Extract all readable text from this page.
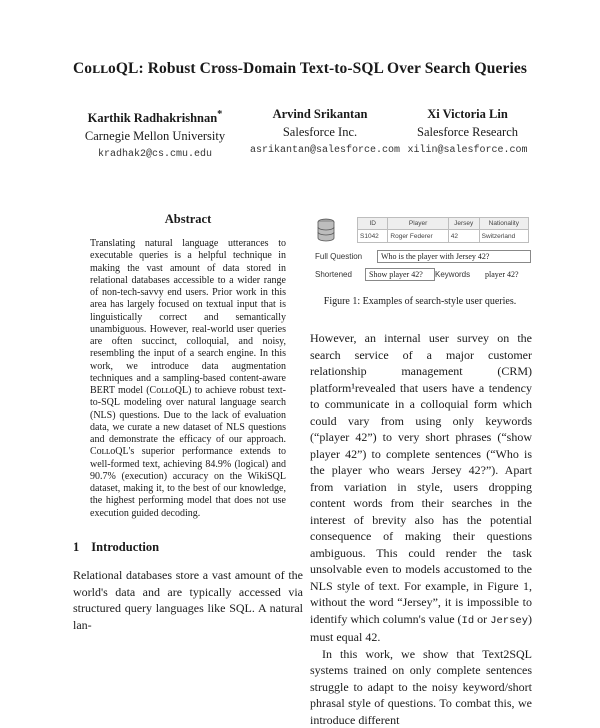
CᴏʟʟᴏQL: Robust Cross-Domain Text-to-SQL Over Search Queries
Karthik Radhakrishnan*
Carnegie Mellon University
kradhak2@cs.cmu.edu
Arvind Srikantan
Salesforce Inc.
asrikantan@salesforce.com
Xi Victoria Lin
Salesforce Research
xilin@salesforce.com
Abstract
Translating natural language utterances to executable queries is a helpful technique in making the vast amount of data stored in relational databases accessible to a wider range of non-tech-savvy end users. Prior work in this area has largely focused on textual input that is linguistically correct and semantically unambiguous. However, real-world user queries are often succinct, colloquial, and noisy, resembling the input of a search engine. In this work, we introduce data augmentation techniques and a sampling-based content-aware BERT model (CᴏʟʟᴏQL) to achieve robust text-to-SQL modeling over natural language search (NLS) questions. Due to the lack of evaluation data, we curate a new dataset of NLS questions and demonstrate the efficacy of our approach. CᴏʟʟᴏQL's superior performance extends to well-formed text, achieving 84.9% (logical) and 90.7% (execution) accuracy on the WikiSQL dataset, making it, to the best of our knowledge, the highest performing model that does not use execution guided decoding.
1 Introduction
Relational databases store a vast amount of the world's data and are typically accessed via structured query languages like SQL. A natural lan-
ID	Player	Jersey	Nationality
S1042	Roger Federer	42	Switzerland
Full Question	Who is the player with Jersey 42?
Shortened	Show player 42?	Keywords	player 42?
Figure 1: Examples of search-style user queries.

However, an internal user survey on the search service of a major customer relationship management (CRM) platform¹revealed that users have a tendency to communicate in a colloquial form which could vary from using only keywords (“player 42”) to very short phrases (“show player 42”) to complete sentences (“Who is the player who wears Jersey 42?”). Apart from variation in style, users dropping content words from their searches in the interest of brevity also has the potential consequence of making their questions ambiguous. This could render the task unsolvable even to models accustomed to the NLS style of text. For example, in Figure 1, without the word “Jersey”, it is impossible to identify which column's value (Id or Jersey) must equal 42.

In this work, we show that Text2SQL systems trained on only complete sentences struggle to adapt to the noisy keyword/short phrasal style of questions. To combat this, we introduce different
